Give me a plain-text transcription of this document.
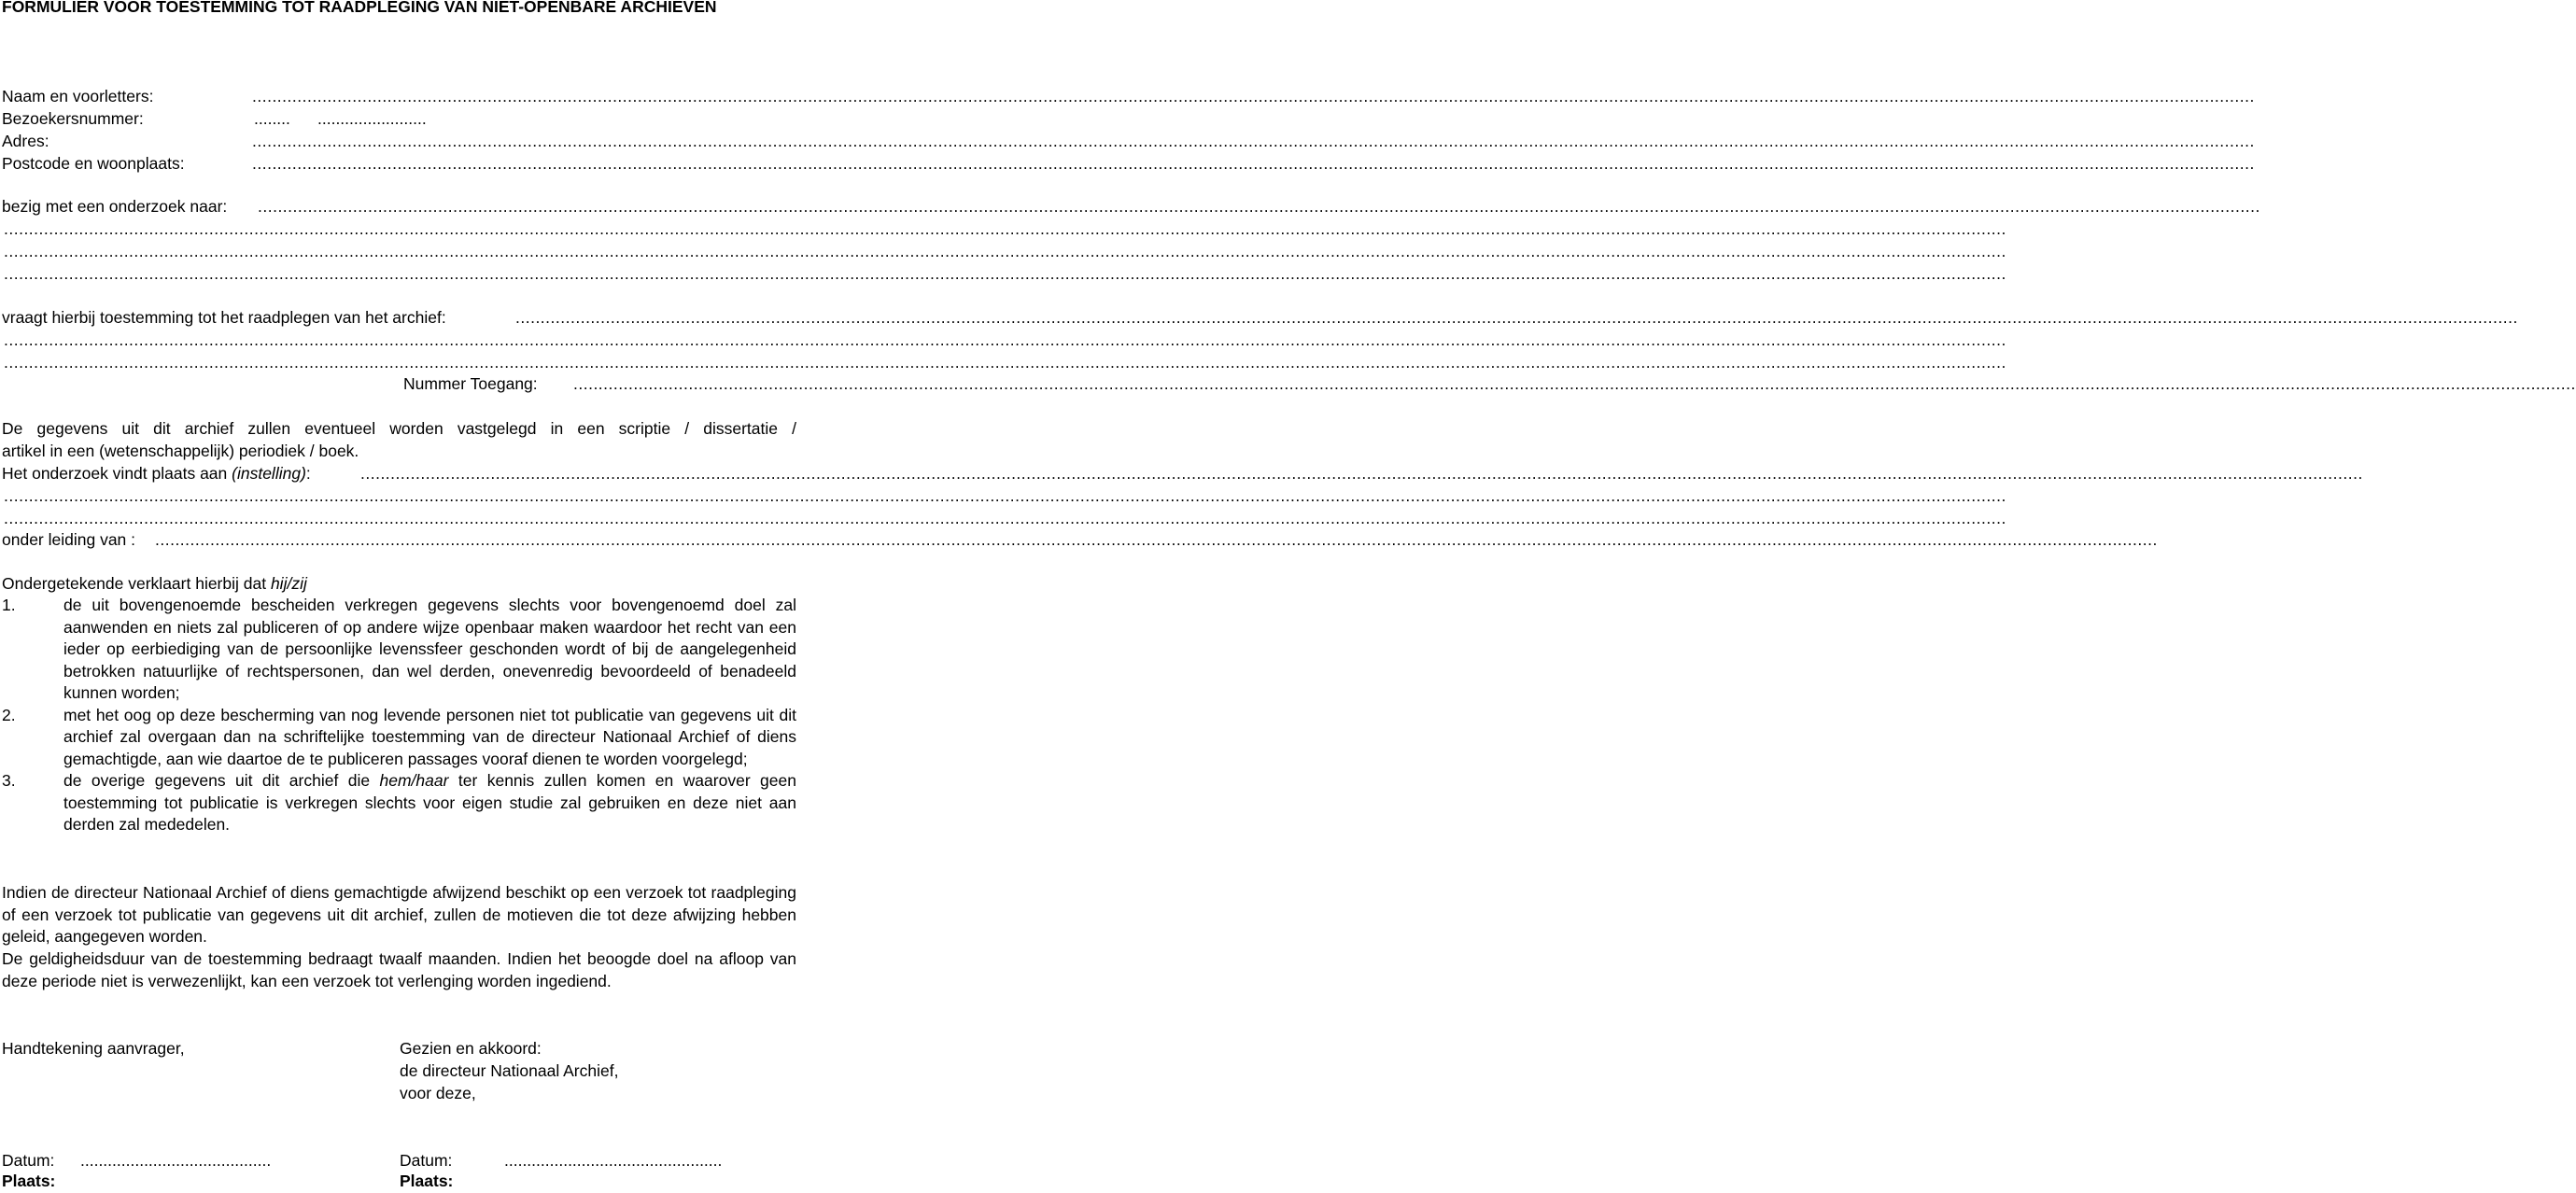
FORMULIER VOOR TOESTEMMING TOT RAADPLEGING VAN NIET-OPENBARE ARCHIEVEN
Naam en voorletters:	................................................................................................................................................................................................................................................................................................................................................................................................................
Bezoekersnummer:	........ ........................
Adres:	................................................................................................................................................................................................................................................................................................................................................................................................................
Postcode en woonplaats:	................................................................................................................................................................................................................................................................................................................................................................................................................
bezig met een onderzoek naar: ................................................................................................................................................................................................................................................................................................................................................................................................................
................................................................................................................................................................................................................................................................................................................................................................................................................
................................................................................................................................................................................................................................................................................................................................................................................................................
................................................................................................................................................................................................................................................................................................................................................................................................................
vraagt hierbij toestemming tot het raadplegen van het archief:	................................................................................................................................................................................................................................................................................................................................................................................................................
................................................................................................................................................................................................................................................................................................................................................................................................................
................................................................................................................................................................................................................................................................................................................................................................................................................
Nummer Toegang: ................................................................................................................................................................................................................................................................................................................................................................................................................
De gegevens uit dit archief zullen eventueel worden vastgelegd in een scriptie / dissertatie /
artikel in een (wetenschappelijk) periodiek / boek.
Het onderzoek vindt plaats aan (instelling):	................................................................................................................................................................................................................................................................................................................................................................................................................
................................................................................................................................................................................................................................................................................................................................................................................................................
................................................................................................................................................................................................................................................................................................................................................................................................................
onder leiding van : ................................................................................................................................................................................................................................................................................................................................................................................................................
Ondergetekende verklaart hierbij dat hij/zij
1.	de uit bovengenoemde bescheiden verkregen gegevens slechts voor bovengenoemd doel zal aanwenden en niets zal publiceren of op andere wijze openbaar maken waardoor het recht van een ieder op eerbiediging van de persoonlijke levenssfeer geschonden wordt of bij de aangelegenheid betrokken natuurlijke of rechtspersonen, dan wel derden, onevenredig bevoordeeld of benadeeld kunnen worden;
2.	met het oog op deze bescherming van nog levende personen niet tot publicatie van gegevens uit dit archief zal overgaan dan na schriftelijke toestemming van de directeur Nationaal Archief of diens gemachtigde, aan wie daartoe de te publiceren passages vooraf dienen te worden voorgelegd;
3.	de overige gegevens uit dit archief die hem/haar ter kennis zullen komen en waarover geen toestemming tot publicatie is verkregen slechts voor eigen studie zal gebruiken en deze niet aan derden zal mededelen.
Indien de directeur Nationaal Archief of diens gemachtigde afwijzend beschikt op een verzoek tot raadpleging of een verzoek tot publicatie van gegevens uit dit archief, zullen de motieven die tot deze afwijzing hebben geleid, aangegeven worden.
De geldigheidsduur van de toestemming bedraagt twaalf maanden. Indien het beoogde doel na afloop van deze periode niet is verwezenlijkt, kan een verzoek tot verlenging worden ingediend.
Handtekening aanvrager,	Gezien en akkoord:
de directeur Nationaal Archief,
voor deze,
Datum: ..........................................
Plaats:
Datum:	................................................
Plaats:
